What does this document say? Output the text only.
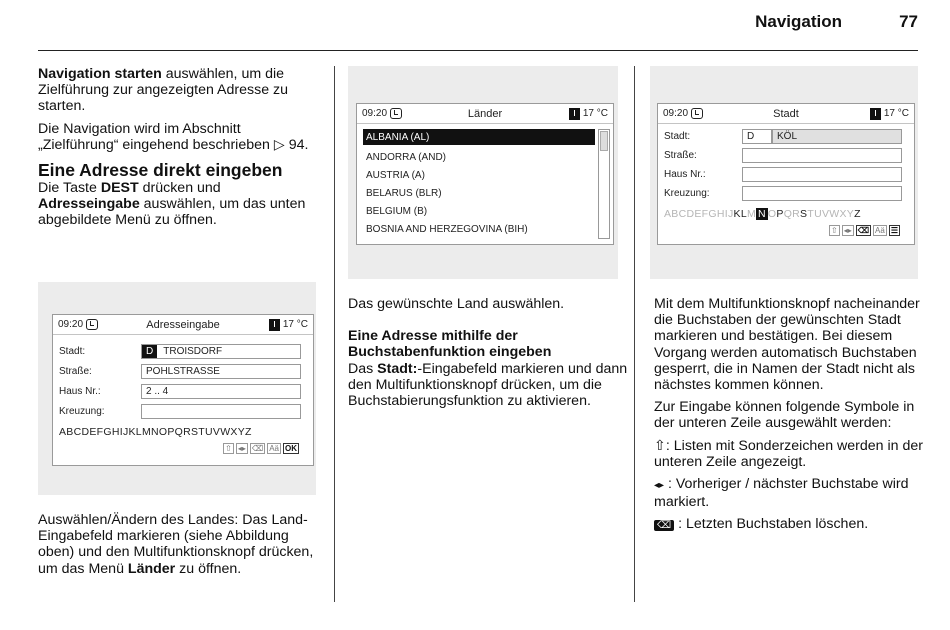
Navigation	77

Navigation starten auswählen, um die Zielführung zur angezeigten Adresse zu starten.

Die Navigation wird im Abschnitt „Zielführung“ eingehend beschrieben ▷ 94.

Eine Adresse direkt eingeben

Die Taste DEST drücken und Adresseingabe auswählen, um das unten abgebildete Menü zu öffnen.

09:20	Adresseingabe	17 °C
Stadt:	D	TROISDORF
Straße:	POHLSTRASSE
Haus Nr.:	2 .. 4
Kreuzung:
ABCDEFGHIJKLMNOPQRSTUVWXYZ
⇧ ◂▸ ⌫ Aä OK

Auswählen/Ändern des Landes: Das Land-Eingabefeld markieren (siehe Abbildung oben) und den Multifunktionsknopf drücken, um das Menü Länder zu öffnen.

09:20	Länder	17 °C
ALBANIA (AL)
ANDORRA (AND)
AUSTRIA (A)
BELARUS (BLR)
BELGIUM (B)
BOSNIA AND HERZEGOVINA (BIH)

Das gewünschte Land auswählen.

Eine Adresse mithilfe der Buchstabenfunktion eingeben

Das Stadt:-Eingabefeld markieren und dann den Multifunktionsknopf drücken, um die Buchstabierungsfunktion zu aktivieren.

09:20	Stadt	17 °C
Stadt:	D KÖL
Straße:
Haus Nr.:
Kreuzung:
ABCDEFGHIJKLM N OPQRSTUVWXYZ
⇧ ◂▸ ⌫ Aä ☰

Mit dem Multifunktionsknopf nacheinander die Buchstaben der gewünschten Stadt markieren und bestätigen. Bei diesem Vorgang werden automatisch Buchstaben gesperrt, die in Namen der Stadt nicht als nächstes kommen können.

Zur Eingabe können folgende Symbole in der unteren Zeile ausgewählt werden:

⇧: Listen mit Sonderzeichen werden in der unteren Zeile angezeigt.

◂▸ : Vorheriger / nächster Buchstabe wird markiert.

⌫ : Letzten Buchstaben löschen.
